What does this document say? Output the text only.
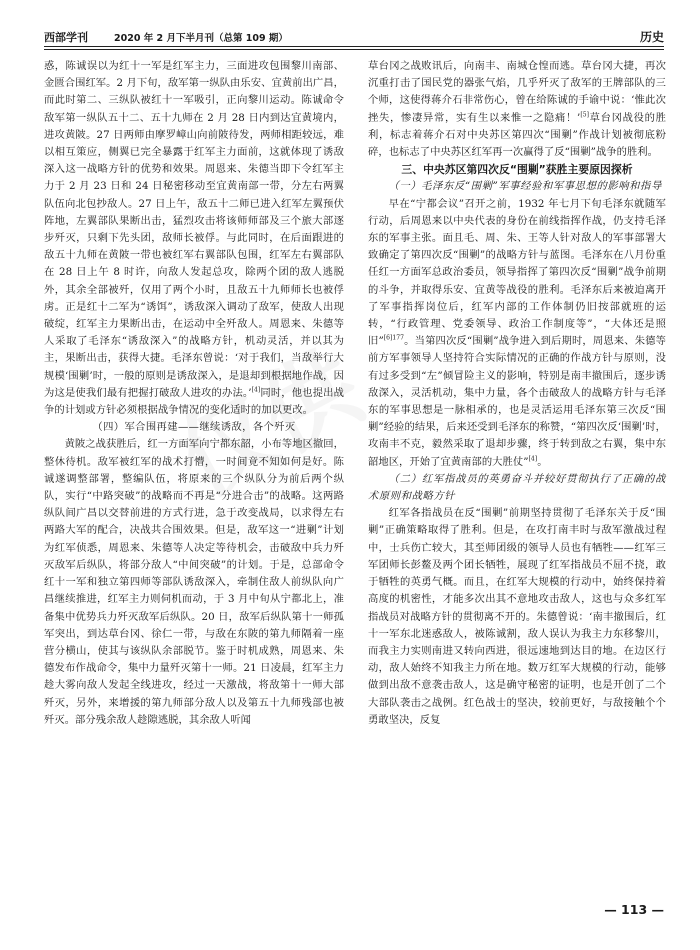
西部学刊	2020 年 2 月下半月刊（总第 109 期）	历史

惑，陈诚误以为红十一军是红军主力，三面进攻包围黎川南部、金匮合围红军。2 月下旬，敌军第一纵队由乐安、宜黄前出广昌，而此时第二、三纵队被红十一军吸引，正向黎川运动。陈诚命令敌军第一纵队五十二、五十九师在 2 月 28 日内到达宜黄境内，进攻黄陂。27 日两师由摩罗嶂山向前陂待发，两师相距较远，难以相互策应，侧翼已完全暴露于红军主力面前，这就体现了诱敌深入这一战略方针的优势和效果。周恩来、朱德当即下令红军主力于 2 月 23 日和 24 日秘密移动至宜黄南部一带，分左右两翼队伍向北包抄敌人。27 日上午，敌五十二师已进入红军左翼预伏阵地，左翼部队果断出击，猛烈攻击将该师师部及三个旅大部逐步歼灭，只剩下先头团，敌师长被俘。与此同时，在后面跟进的敌五十九师在黄陂一带也被红军右翼部队包围，红军左右翼部队在 28 日上午 8 时许，向敌人发起总攻，除两个团的敌人逃脱外，其余全部被歼，仅用了两个小时，且敌五十九师师长也被俘虏。正是红十二军为“诱饵”，诱敌深入调动了敌军，使敌人出现破绽，红军主力果断出击，在运动中全歼敌人。周恩来、朱德等人采取了毛泽东“诱敌深入”的战略方针，机动灵活，并以其为主，果断出击，获得大捷。毛泽东曾说：‘对于我们，当敌举行大规模‘围剿’时，一般的原则是诱敌深入，是退却到根据地作战，因为这是使我们最有把握打破敌人进攻的办法。’[4]同时，他也提出战争的计划或方针必须根据战争情况的变化适时的加以更改。

（四）军合围再建——继续诱敌，各个歼灭

黄陂之战获胜后，红一方面军向宁都东韶，小布等地区撤回，整休待机。敌军被红军的战术打懵，一时间竟不知如何是好。陈诚遂调整部署，整编队伍，将原来的三个纵队分为前后两个纵队，实行“中路突破”的战略而不再是“分进合击”的战略。这两路纵队间广昌以交替前进的方式行进，急于改变战局，以求得左右两路大军的配合，决战共合围效果。但是，敌军这一“进剿”计划为红军侦悉，周恩来、朱德等人决定等待机会，击破敌中兵力歼灭敌军后纵队，将部分敌人“中间突破”的计划。于是，总部命令红十一军和独立第四师等部队诱敌深入，牵制住敌人前纵队向广昌继续推进，红军主力则伺机而动，于 3 月中旬从宁都北上，准备集中优势兵力歼灭敌军后纵队。20 日，敌军后纵队第十一师孤军突出，到达草台冈、徐仁一带，与敌在东陂的第九师隔着一座营分横山，使其与该纵队余部脱节。鉴于时机成熟，周恩来、朱德发布作战命令，集中力量歼灭第十一师。21 日凌晨，红军主力趁大雾向敌人发起全线进攻，经过一天激战，将敌第十一师大部歼灭，另外，来增援的第九师部分敌人以及第五十九师残部也被歼灭。部分残余敌人趁隙逃脱，其余敌人听闻

草台冈之战败讯后，向南丰、南城仓惶而逃。草台冈大捷，再次沉重打击了国民党的器张气焰，几乎歼灭了敌军的王牌部队的三个师，这使得蒋介石非常伤心，曾在给陈诚的手谕中说：‘惟此次挫失，惨凄异常，实有生以来惟一之隐痛！’[5]草台冈战役的胜利，标志着蒋介石对中央苏区第四次“围剿”作战计划被彻底粉碎，也标志了中央苏区红军再一次赢得了反“围剿”战争的胜利。

三、中央苏区第四次反“围剿”获胜主要原因探析

（一）毛泽东反“围剿”军事经验和军事思想的影响和指导

早在“宁都会议”召开之前，1932 年七月下旬毛泽东就随军行动，后周恩来以中央代表的身份在前线指挥作战，仍支持毛泽东的军事主张。面且毛、周、朱、王等人针对敌人的军事部署大致确定了第四次反“围剿”的战略方针与蓝图。毛泽东在八月份重任红一方面军总政治委员，领导指挥了第四次反“围剿”战争前期的斗争，并取得乐安、宜黄等战役的胜利。毛泽东后来被迫离开了军事指挥岗位后，红军内部的工作体制仍旧按部就班的运转，“行政管理、党委领导、政治工作制度等”，“大体还是照旧”$^{[6]177}$。当第四次反“围剿”战争进入到后期时，周恩来、朱德等前方军事领导人坚持符合实际情况的正确的作战方针与原则，没有过多受到“左”倾冒险主义的影响，特别是南丰撤围后，逐步诱敌深入，灵活机动，集中力量，各个击破敌人的战略方针与毛泽东的军事思想是一脉相承的，也是灵活运用毛泽东第三次反“围剿”经验的结果，后来还受到毛泽东的称赞，“第四次反‘围剿’时，攻南丰不克，毅然采取了退却步骤，终于转到敌之右翼，集中东韶地区，开始了宜黄南部的大胜仗”[4]。

（二）红军指战员的英勇奋斗并较好贯彻执行了正确的战术原则和战略方针

红军各指战员在反“围剿”前期坚持贯彻了毛泽东关于反“围剿”正确策略取得了胜利。但是，在攻打南丰时与敌军激战过程中，士兵伤亡较大，其至师团级的领导人员也有牺牲——红军三军团师长彭鳌及两个团长牺牲，展现了红军指战员不屈不挠，敢于牺牲的英勇气概。而且，在红军大规模的行动中，始终保持着高度的机密性，才能多次出其不意地攻击敌人，这也与众多红军指战员对战略方针的贯彻离不开的。朱德曾说：‘南丰撤围后，红十一军东北迷惑敌人，被陈诚割，敌人误认为我主力东移黎川，而我主力实则南进又转向西进，很远速地到达目的地。在边区行动，敌人始终不知我主力所在地。数万红军大规模的行动，能够做到出敌不意袭击敌人，这是确守秘密的证明，也是开创了二个大部队袭击之战例。红色战士的坚决，较前更好，与敌接触个个勇敢坚决，反复

— 113 —
